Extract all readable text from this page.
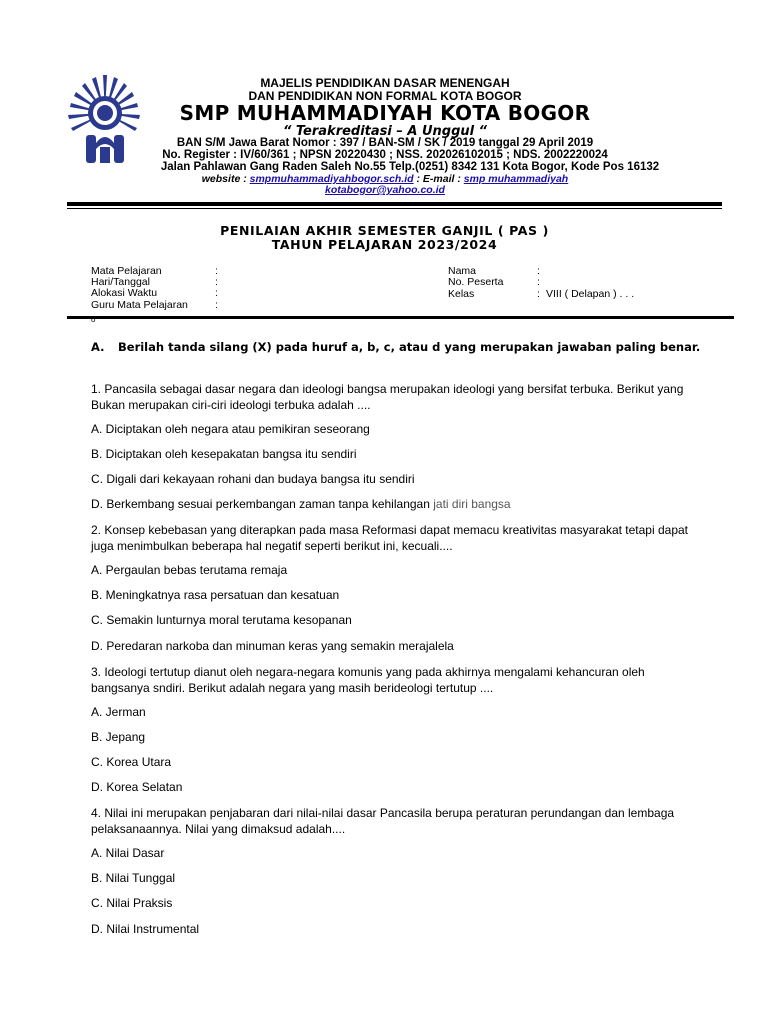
MAJELIS PENDIDIKAN DASAR MENENGAH
DAN PENDIDIKAN NON FORMAL KOTA BOGOR
SMP MUHAMMADIYAH KOTA BOGOR
“ Terakreditasi – A Unggul “
BAN S/M Jawa Barat Nomor : 397 / BAN-SM / SK / 2019 tanggal 29 April 2019
No. Register : IV/60/361 ; NPSN 20220430 ; NSS. 202026102015 ; NDS. 2002220024
Jalan Pahlawan Gang Raden Saleh No.55 Telp.(0251) 8342 131 Kota Bogor, Kode Pos 16132
website : smpmuhammadiyahbogor.sch.id : E-mail : smp muhammadiyah
kotabogor@yahoo.co.id
PENILAIAN AKHIR SEMESTER GANJIL ( PAS )
TAHUN PELAJARAN 2023/2024
Mata Pelajaran	:
Hari/Tanggal	:
Alokasi Waktu	:
Guru Mata Pelajaran	:
Nama	:
No. Peserta	:
Kelas	: VIII ( Delapan ) . . .
o
A. Berilah tanda silang (X) pada huruf a, b, c, atau d yang merupakan jawaban paling benar.
1. Pancasila sebagai dasar negara dan ideologi bangsa merupakan ideologi yang bersifat terbuka. Berikut yang Bukan merupakan ciri-ciri ideologi terbuka adalah ....
A. Diciptakan oleh negara atau pemikiran seseorang
B. Diciptakan oleh kesepakatan bangsa itu sendiri
C. Digali dari kekayaan rohani dan budaya bangsa itu sendiri
D. Berkembang sesuai perkembangan zaman tanpa kehilangan jati diri bangsa
2. Konsep kebebasan yang diterapkan pada masa Reformasi dapat memacu kreativitas masyarakat tetapi dapat juga menimbulkan beberapa hal negatif seperti berikut ini, kecuali....
A. Pergaulan bebas terutama remaja
B. Meningkatnya rasa persatuan dan kesatuan
C. Semakin lunturnya moral terutama kesopanan
D. Peredaran narkoba dan minuman keras yang semakin merajalela
3. Ideologi tertutup dianut oleh negara-negara komunis yang pada akhirnya mengalami kehancuran oleh bangsanya sndiri. Berikut adalah negara yang masih berideologi tertutup ....
A. Jerman
B. Jepang
C. Korea Utara
D. Korea Selatan
4. Nilai ini merupakan penjabaran dari nilai-nilai dasar Pancasila berupa peraturan perundangan dan lembaga pelaksanaannya. Nilai yang dimaksud adalah....
A. Nilai Dasar
B. Nilai Tunggal
C. Nilai Praksis
D. Nilai Instrumental
